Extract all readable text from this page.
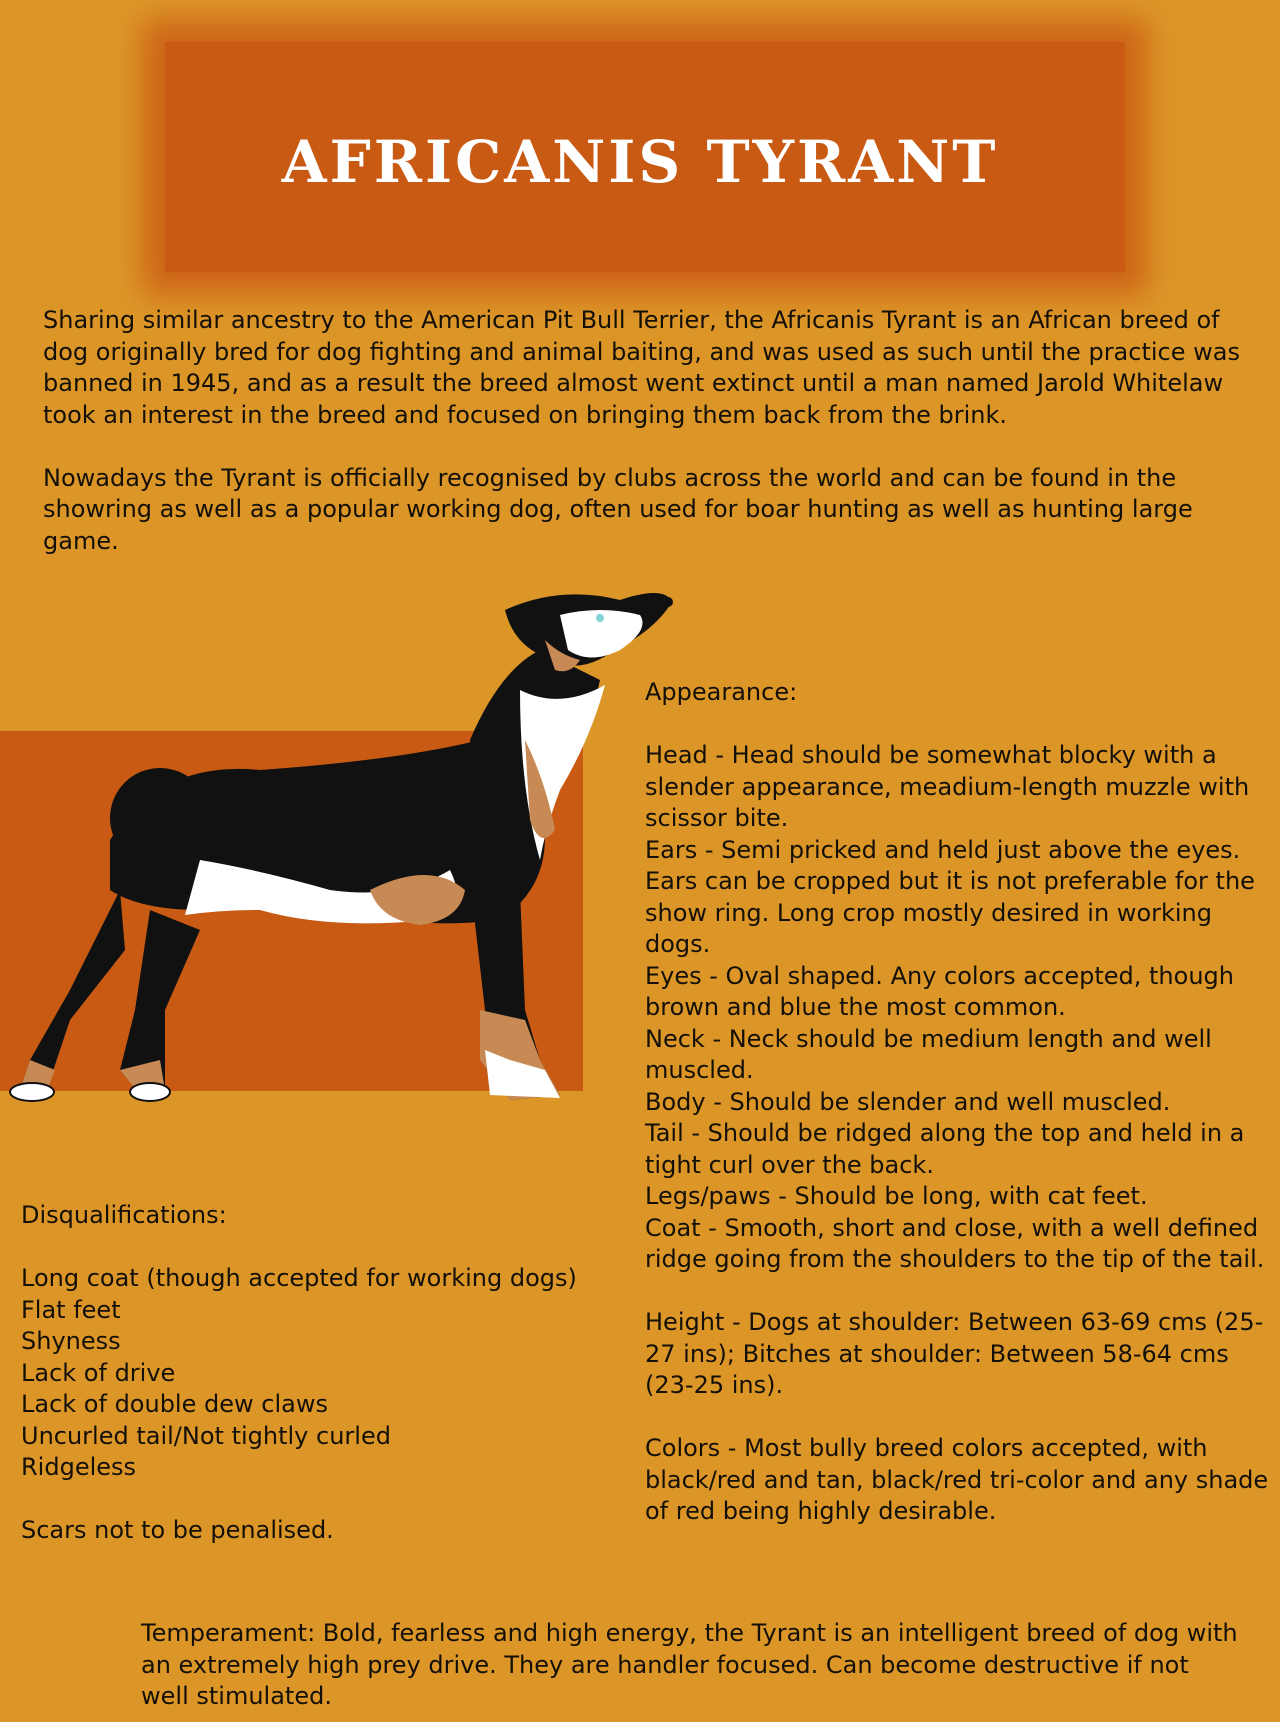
AFRICANIS TYRANT

Sharing similar ancestry to the American Pit Bull Terrier, the Africanis Tyrant is an African breed of dog originally bred for dog fighting and animal baiting, and was used as such until the practice was banned in 1945, and as a result the breed almost went extinct until a man named Jarold Whitelaw took an interest in the breed and focused on bringing them back from the brink.

Nowadays the Tyrant is officially recognised by clubs across the world and can be found in the showring as well as a popular working dog, often used for boar hunting as well as hunting large game.

Appearance:

Head - Head should be somewhat blocky with a slender appearance, meadium-length muzzle with scissor bite.

Ears - Semi pricked and held just above the eyes. Ears can be cropped but it is not preferable for the show ring. Long crop mostly desired in working dogs.

Eyes - Oval shaped. Any colors accepted, though brown and blue the most common.

Neck - Neck should be medium length and well muscled.

Body - Should be slender and well muscled.

Tail - Should be ridged along the top and held in a tight curl over the back.

Legs/paws - Should be long, with cat feet.

Coat - Smooth, short and close, with a well defined ridge going from the shoulders to the tip of the tail.

Height - Dogs at shoulder: Between 63-69 cms (25-27 ins); Bitches at shoulder: Between 58-64 cms (23-25 ins).

Colors - Most bully breed colors accepted, with black/red and tan, black/red tri-color and any shade of red being highly desirable.

Disqualifications:

Long coat (though accepted for working dogs)

Flat feet

Shyness

Lack of drive

Lack of double dew claws

Uncurled tail/Not tightly curled

Ridgeless

Scars not to be penalised.

Temperament: Bold, fearless and high energy, the Tyrant is an intelligent breed of dog with an extremely high prey drive. They are handler focused. Can become destructive if not well stimulated.
